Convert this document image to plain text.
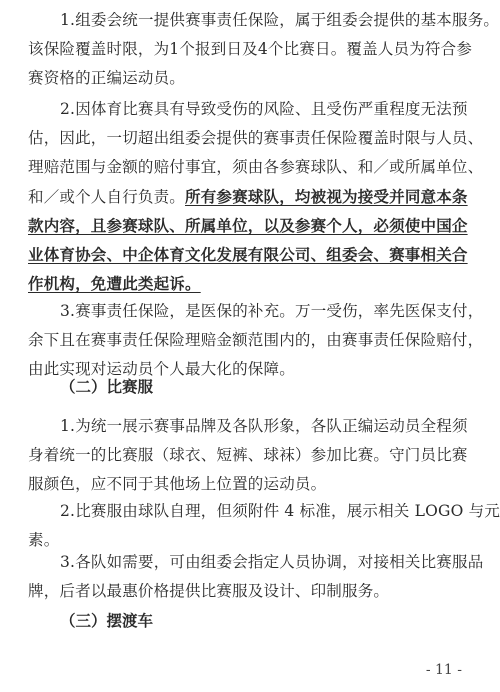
1.组委会统一提供赛事责任保险，属于组委会提供的基本服务。
该保险覆盖时限，为1个报到日及4个比赛日。覆盖人员为符合参
赛资格的正编运动员。
2.因体育比赛具有导致受伤的风险、且受伤严重程度无法预
估，因此，一切超出组委会提供的赛事责任保险覆盖时限与人员、
理赔范围与金额的赔付事宜，须由各参赛球队、和／或所属单位、
和／或个人自行负责。所有参赛球队，均被视为接受并同意本条
款内容，且参赛球队、所属单位，以及参赛个人，必须使中国企
业体育协会、中企体育文化发展有限公司、组委会、赛事相关合
作机构，免遭此类起诉。
3.赛事责任保险，是医保的补充。万一受伤，率先医保支付，
余下且在赛事责任保险理赔金额范围内的，由赛事责任保险赔付，
由此实现对运动员个人最大化的保障。
（二）比赛服
1.为统一展示赛事品牌及各队形象，各队正编运动员全程须
身着统一的比赛服（球衣、短裤、球袜）参加比赛。守门员比赛
服颜色，应不同于其他场上位置的运动员。
2.比赛服由球队自理，但须附件 4 标准，展示相关 LOGO 与元
素。
3.各队如需要，可由组委会指定人员协调，对接相关比赛服品
牌，后者以最惠价格提供比赛服及设计、印制服务。
（三）摆渡车
- 11 -
